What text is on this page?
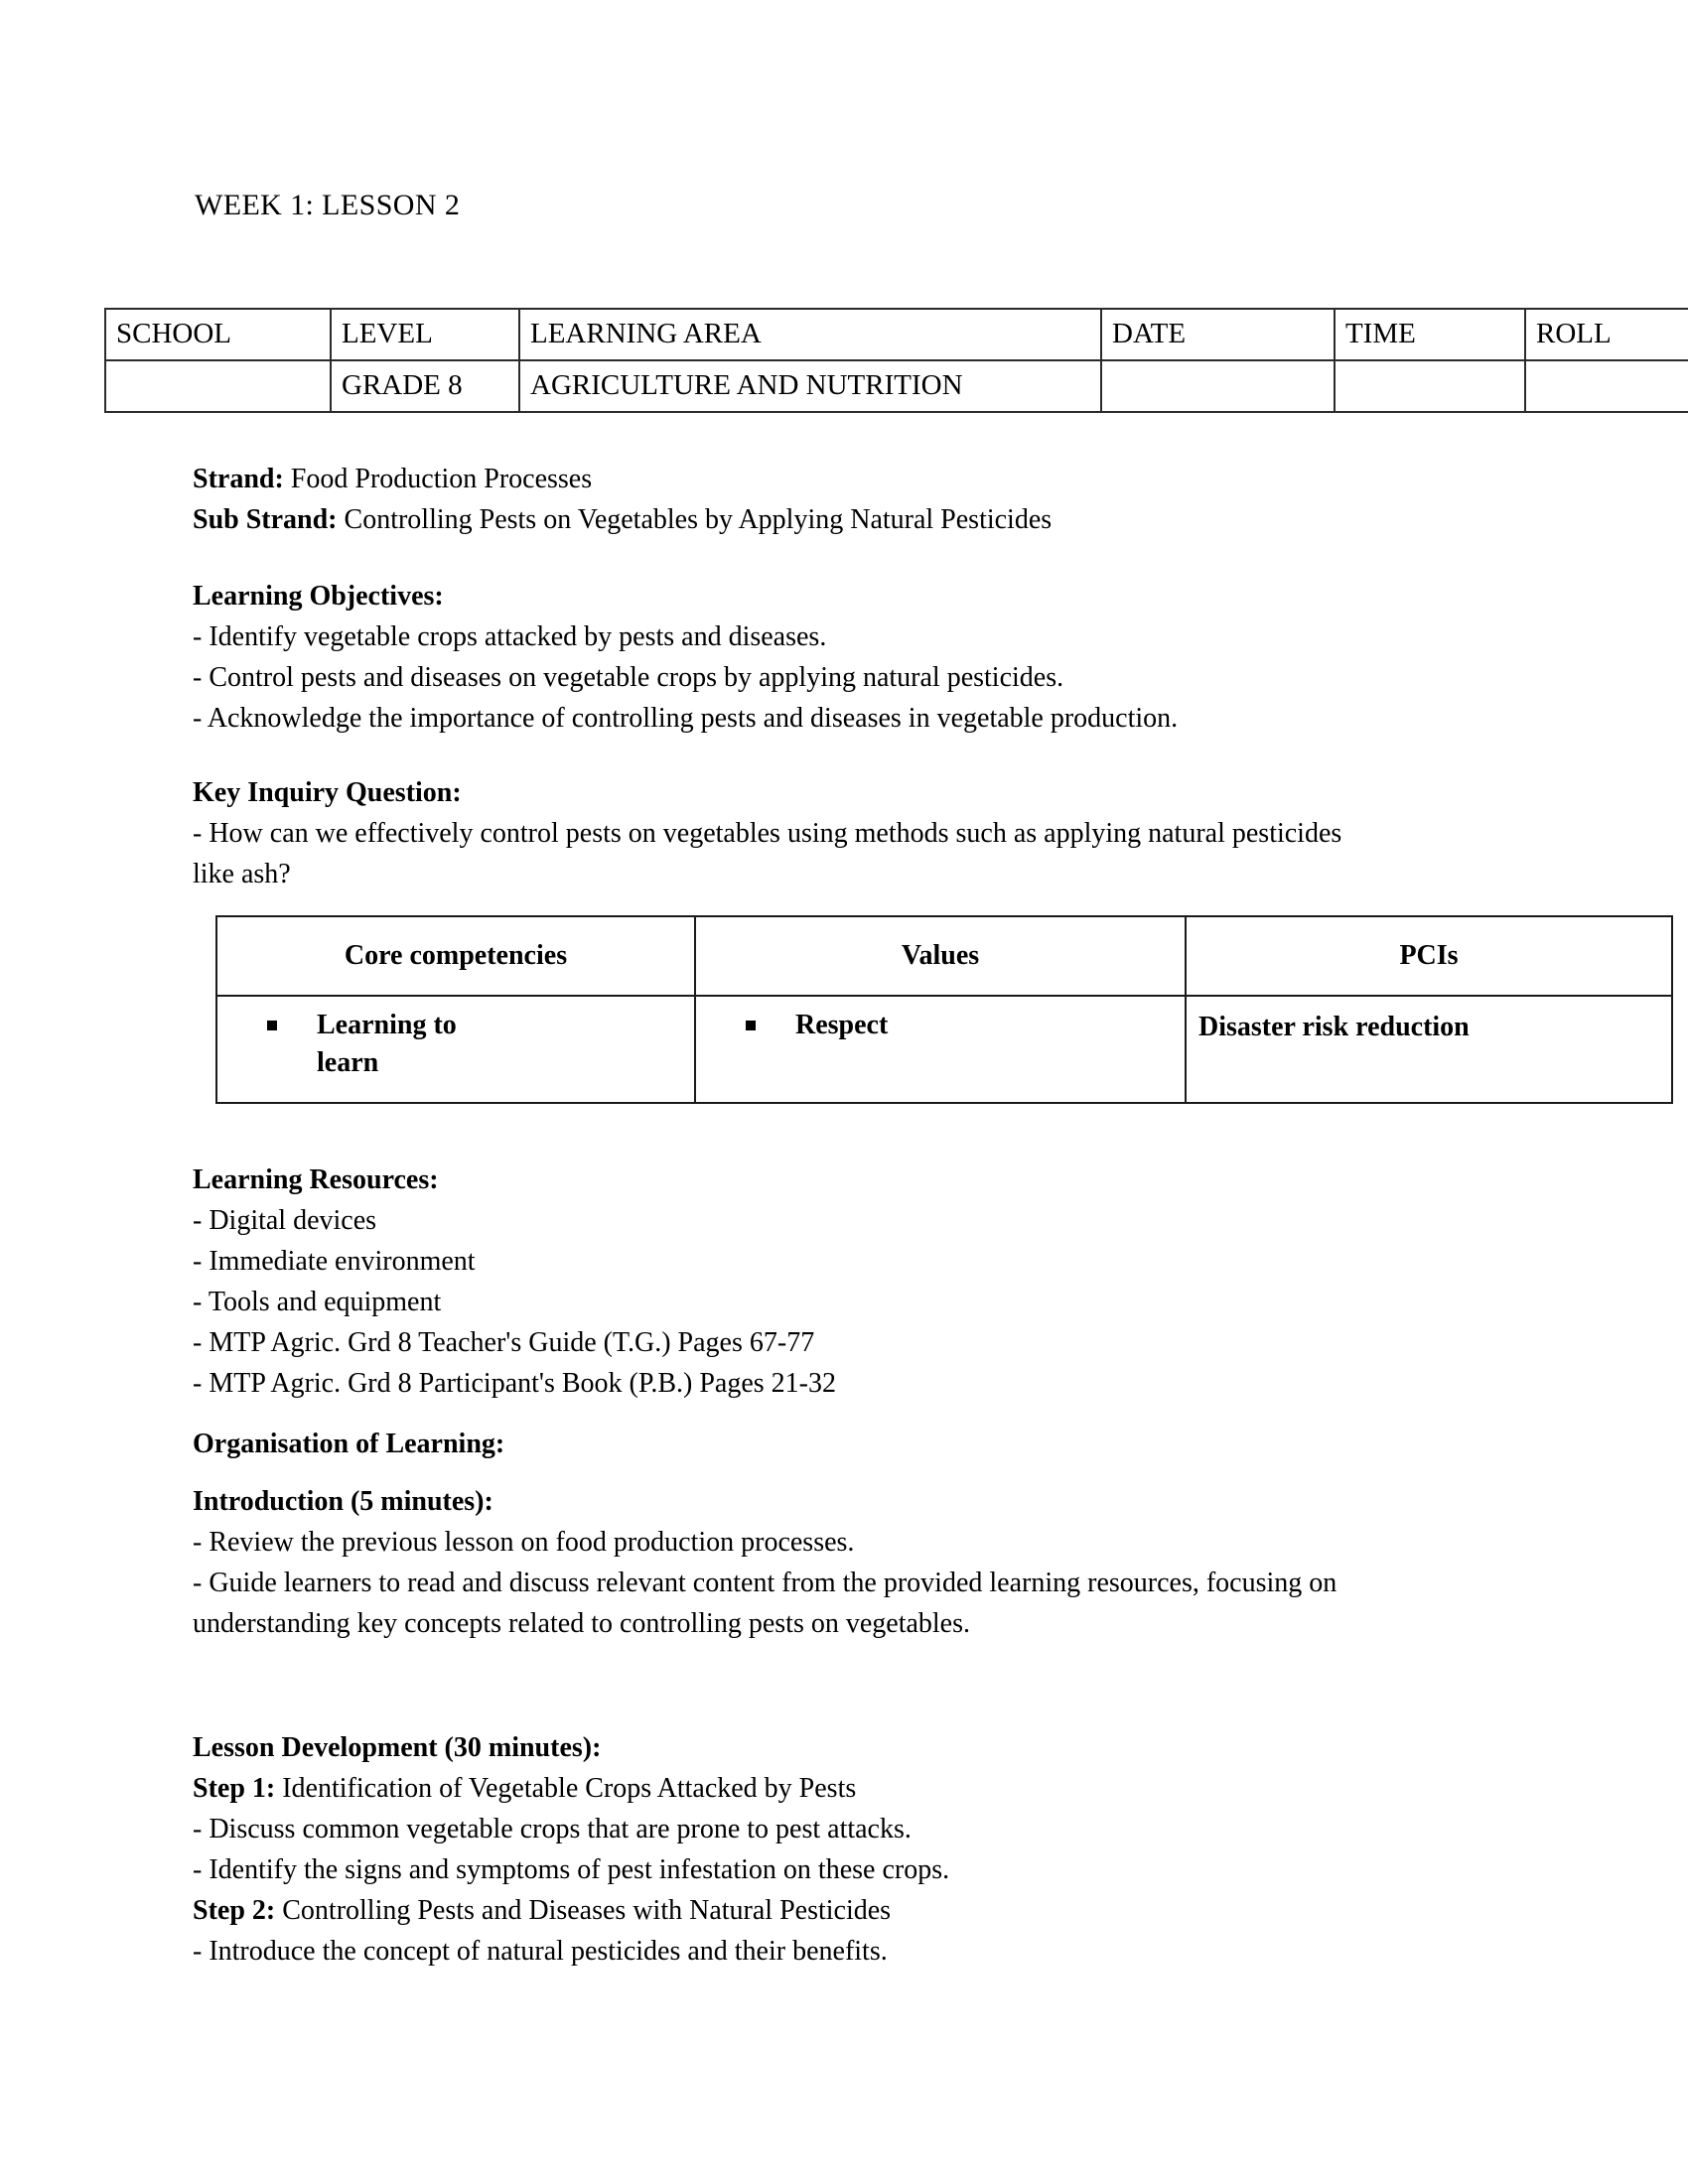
WEEK 1: LESSON 2
SCHOOL	LEVEL	LEARNING AREA	DATE	TIME	ROLL
	GRADE 8	AGRICULTURE AND NUTRITION			
Strand: Food Production Processes
Sub Strand: Controlling Pests on Vegetables by Applying Natural Pesticides
Learning Objectives:
- Identify vegetable crops attacked by pests and diseases.
- Control pests and diseases on vegetable crops by applying natural pesticides.
- Acknowledge the importance of controlling pests and diseases in vegetable production.
Key Inquiry Question:
- How can we effectively control pests on vegetables using methods such as applying natural pesticides like ash?
Core competencies	Values	PCIs

Learning to learn	Respect	Disaster risk reduction
Learning Resources:
- Digital devices
- Immediate environment
- Tools and equipment
- MTP Agric. Grd 8 Teacher's Guide (T.G.) Pages 67-77
- MTP Agric. Grd 8 Participant's Book (P.B.) Pages 21-32
Organisation of Learning:
Introduction (5 minutes):
- Review the previous lesson on food production processes.
- Guide learners to read and discuss relevant content from the provided learning resources, focusing on understanding key concepts related to controlling pests on vegetables.
Lesson Development (30 minutes):
Step 1: Identification of Vegetable Crops Attacked by Pests
- Discuss common vegetable crops that are prone to pest attacks.
- Identify the signs and symptoms of pest infestation on these crops.
Step 2: Controlling Pests and Diseases with Natural Pesticides
- Introduce the concept of natural pesticides and their benefits.
